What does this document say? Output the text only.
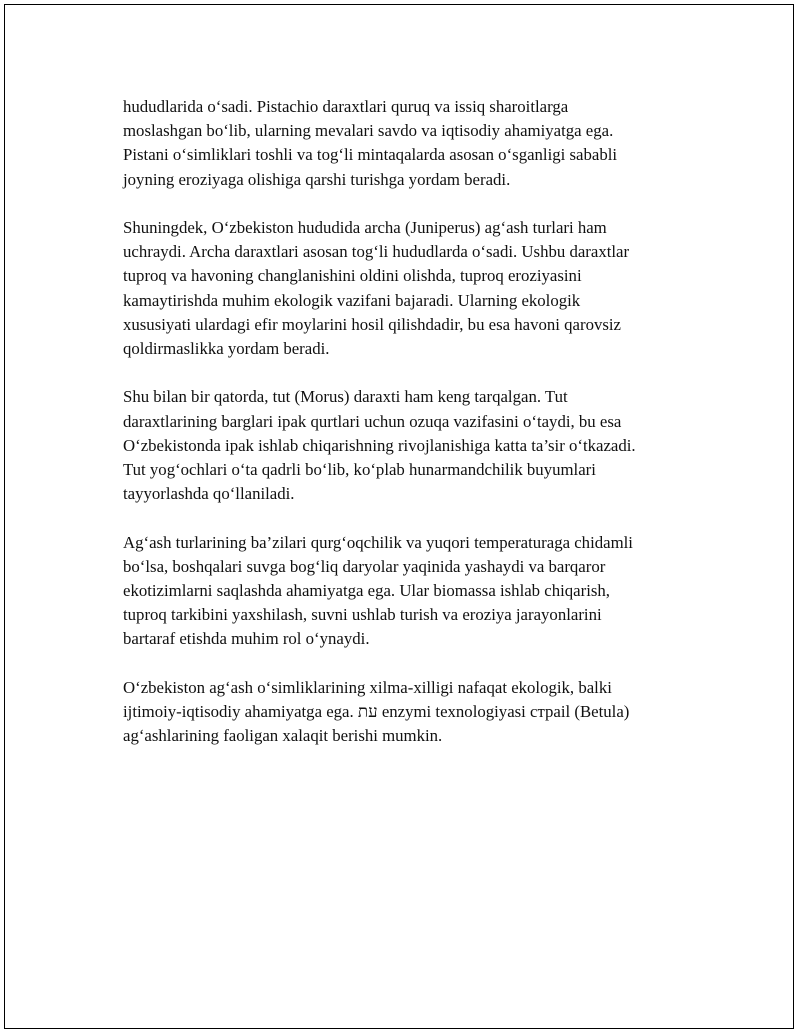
hududlarida o‘sadi. Pistachio daraxtlari quruq va issiq sharoitlarga
moslashgan bo‘lib, ularning mevalari savdo va iqtisodiy ahamiyatga ega.
Pistani o‘simliklari toshli va tog‘li mintaqalarda asosan o‘sganligi sababli
joyning eroziyaga olishiga qarshi turishga yordam beradi.

Shuningdek, O‘zbekiston hududida archa (Juniperus) ag‘ash turlari ham
uchraydi. Archa daraxtlari asosan tog‘li hududlarda o‘sadi. Ushbu daraxtlar
tuproq va havoning changlanishini oldini olishda, tuproq eroziyasini
kamaytirishda muhim ekologik vazifani bajaradi. Ularning ekologik
xususiyati ulardagi efir moylarini hosil qilishdadir, bu esa havoni qarovsiz
qoldirmaslikka yordam beradi.

Shu bilan bir qatorda, tut (Morus) daraxti ham keng tarqalgan. Tut
daraxtlarining barglari ipak qurtlari uchun ozuqa vazifasini o‘taydi, bu esa
O‘zbekistonda ipak ishlab chiqarishning rivojlanishiga katta ta’sir o‘tkazadi.
Tut yog‘ochlari o‘ta qadrli bo‘lib, ko‘plab hunarmandchilik buyumlari
tayyorlashda qo‘llaniladi.

Ag‘ash turlarining ba’zilari qurg‘oqchilik va yuqori temperaturaga chidamli
bo‘lsa, boshqalari suvga bog‘liq daryolar yaqinida yashaydi va barqaror
ekotizimlarni saqlashda ahamiyatga ega. Ular biomassa ishlab chiqarish,
tuproq tarkibini yaxshilash, suvni ushlab turish va eroziya jarayonlarini
bartaraf etishda muhim rol o‘ynaydi.

O‘zbekiston ag‘ash o‘simliklarining xilma-xilligi nafaqat ekologik, balki
ijtimoiy-iqtisodiy ahamiyatga ega. עת enzymi texnologiyasi страil (Betula)
ag‘ashlarining faoligan xalaqit berishi mumkin.
